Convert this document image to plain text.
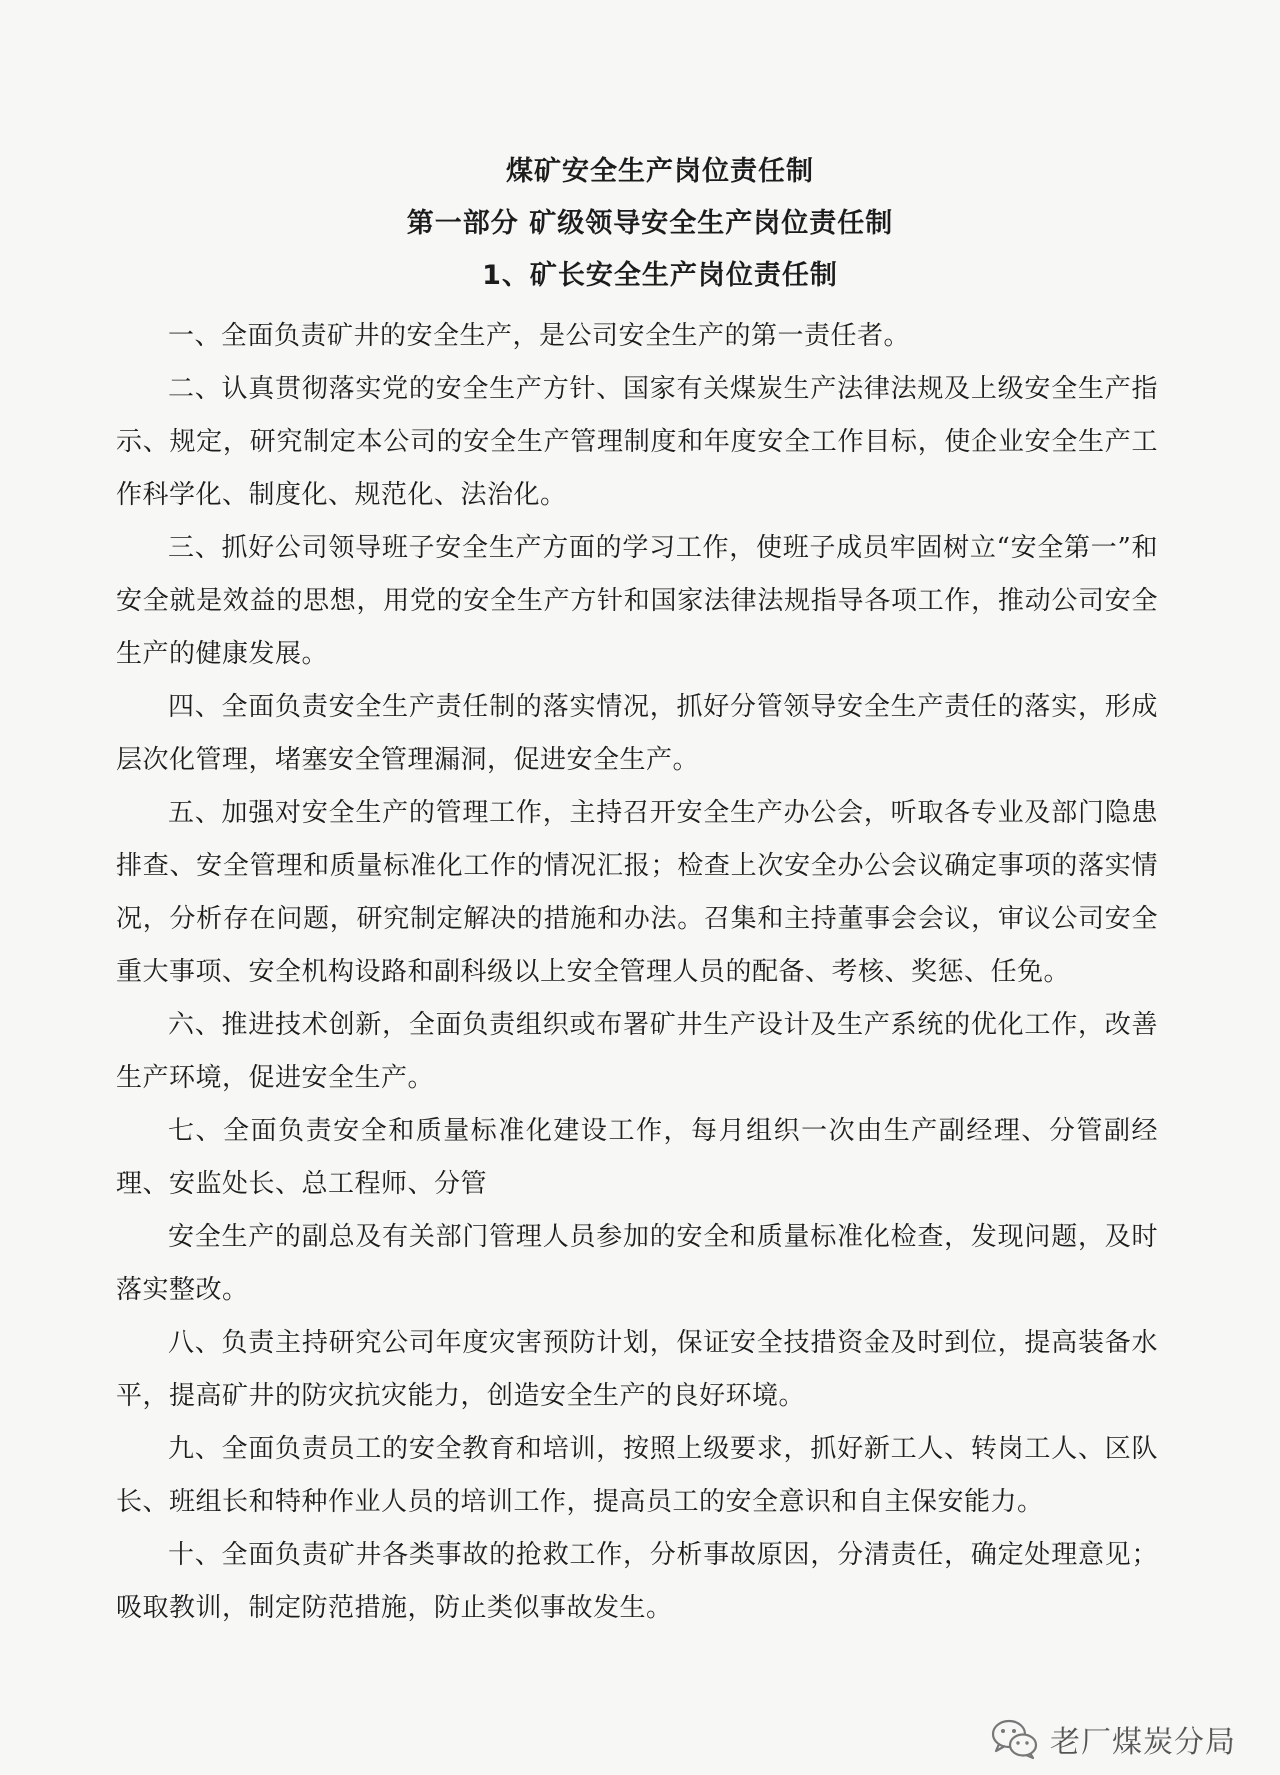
煤矿安全生产岗位责任制

第一部分 矿级领导安全生产岗位责任制

1、矿长安全生产岗位责任制

一、全面负责矿井的安全生产，是公司安全生产的第一责任者。

二、认真贯彻落实党的安全生产方针、国家有关煤炭生产法律法规及上级安全生产指示、规定，研究制定本公司的安全生产管理制度和年度安全工作目标，使企业安全生产工作科学化、制度化、规范化、法治化。

三、抓好公司领导班子安全生产方面的学习工作，使班子成员牢固树立“安全第一”和安全就是效益的思想，用党的安全生产方针和国家法律法规指导各项工作，推动公司安全生产的健康发展。

四、全面负责安全生产责任制的落实情况，抓好分管领导安全生产责任的落实，形成层次化管理，堵塞安全管理漏洞，促进安全生产。

五、加强对安全生产的管理工作，主持召开安全生产办公会，听取各专业及部门隐患排查、安全管理和质量标准化工作的情况汇报；检查上次安全办公会议确定事项的落实情况，分析存在问题，研究制定解决的措施和办法。召集和主持董事会会议，审议公司安全重大事项、安全机构设路和副科级以上安全管理人员的配备、考核、奖惩、任免。

六、推进技术创新，全面负责组织或布署矿井生产设计及生产系统的优化工作，改善生产环境，促进安全生产。

七、全面负责安全和质量标准化建设工作，每月组织一次由生产副经理、分管副经理、安监处长、总工程师、分管

安全生产的副总及有关部门管理人员参加的安全和质量标准化检查，发现问题，及时落实整改。

八、负责主持研究公司年度灾害预防计划，保证安全技措资金及时到位，提高装备水平，提高矿井的防灾抗灾能力，创造安全生产的良好环境。

九、全面负责员工的安全教育和培训，按照上级要求，抓好新工人、转岗工人、区队长、班组长和特种作业人员的培训工作，提高员工的安全意识和自主保安能力。

十、全面负责矿井各类事故的抢救工作，分析事故原因，分清责任，确定处理意见；吸取教训，制定防范措施，防止类似事故发生。

老厂煤炭分局
